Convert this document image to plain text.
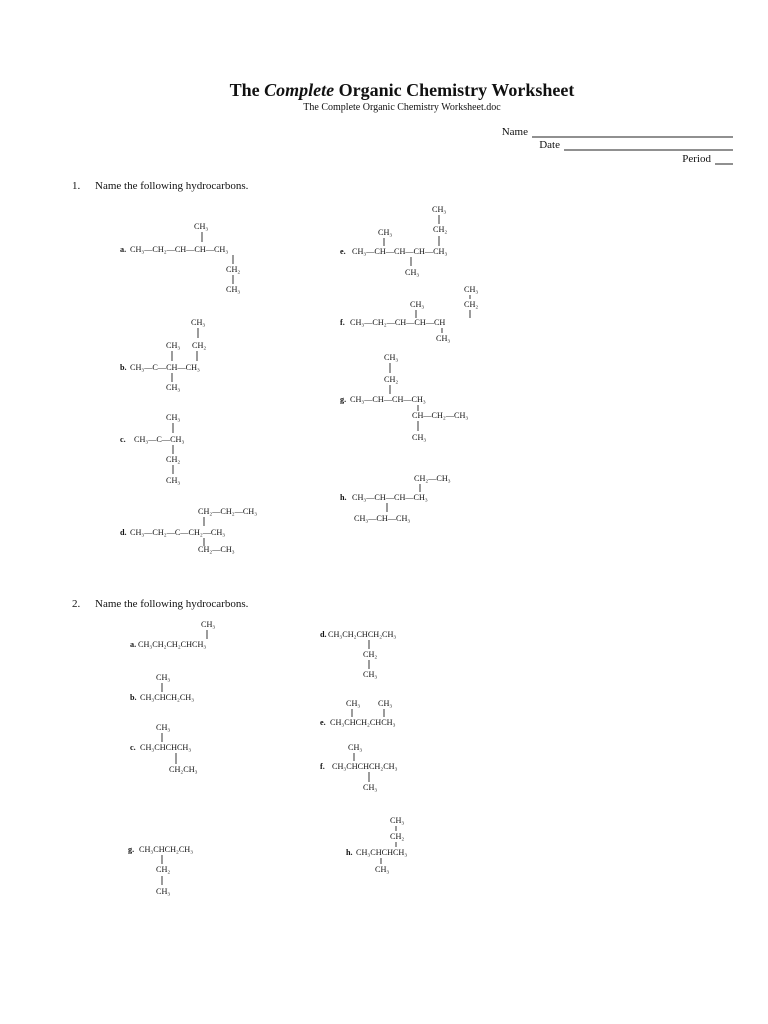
The Complete Organic Chemistry Worksheet
The Complete Organic Chemistry Worksheet.doc
Name
Date
Period
1. Name the following hydrocarbons.
CH₃
a. CH₃—CH₂—CH—CH—CH₃
CH₂
CH₃
CH₃
CH₃ CH₂
b. CH₃—C—CH—CH₃
CH₃
CH₃
c. CH₃—C—CH₃
CH₂
CH₃
CH₂—CH₂—CH₃
d. CH₃—CH₂—C—CH₂—CH₃
CH₂—CH₃
CH₃
CH₃	CH₂
e. CH₃—CH—CH—CH—CH₃
CH₃
CH₃
CH₃	CH₂
f. CH₃—CH₂—CH—CH—CH
CH₃
CH₃
CH₂
g. CH₃—CH—CH—CH₃
CH—CH₂—CH₃
CH₃
CH₂—CH₃
h. CH₃—CH—CH—CH₃
CH₃—CH—CH₃
2. Name the following hydrocarbons.
CH₃
a. CH₃CH₂CH₂CHCH₃
CH₃
b. CH₃CHCH₂CH₃
CH₃
c. CH₃CHCHCH₃
CH₂CH₃
d. CH₃CH₂CHCH₂CH₃
CH₂
CH₃
CH₃ CH₃
e. CH₃CHCH₂CHCH₃
CH₃
f. CH₃CHCHCH₂CH₃
CH₃
g. CH₃CHCH₂CH₃
CH₂
CH₃
CH₃
CH₂
h. CH₃CHCHCH₃
CH₃
